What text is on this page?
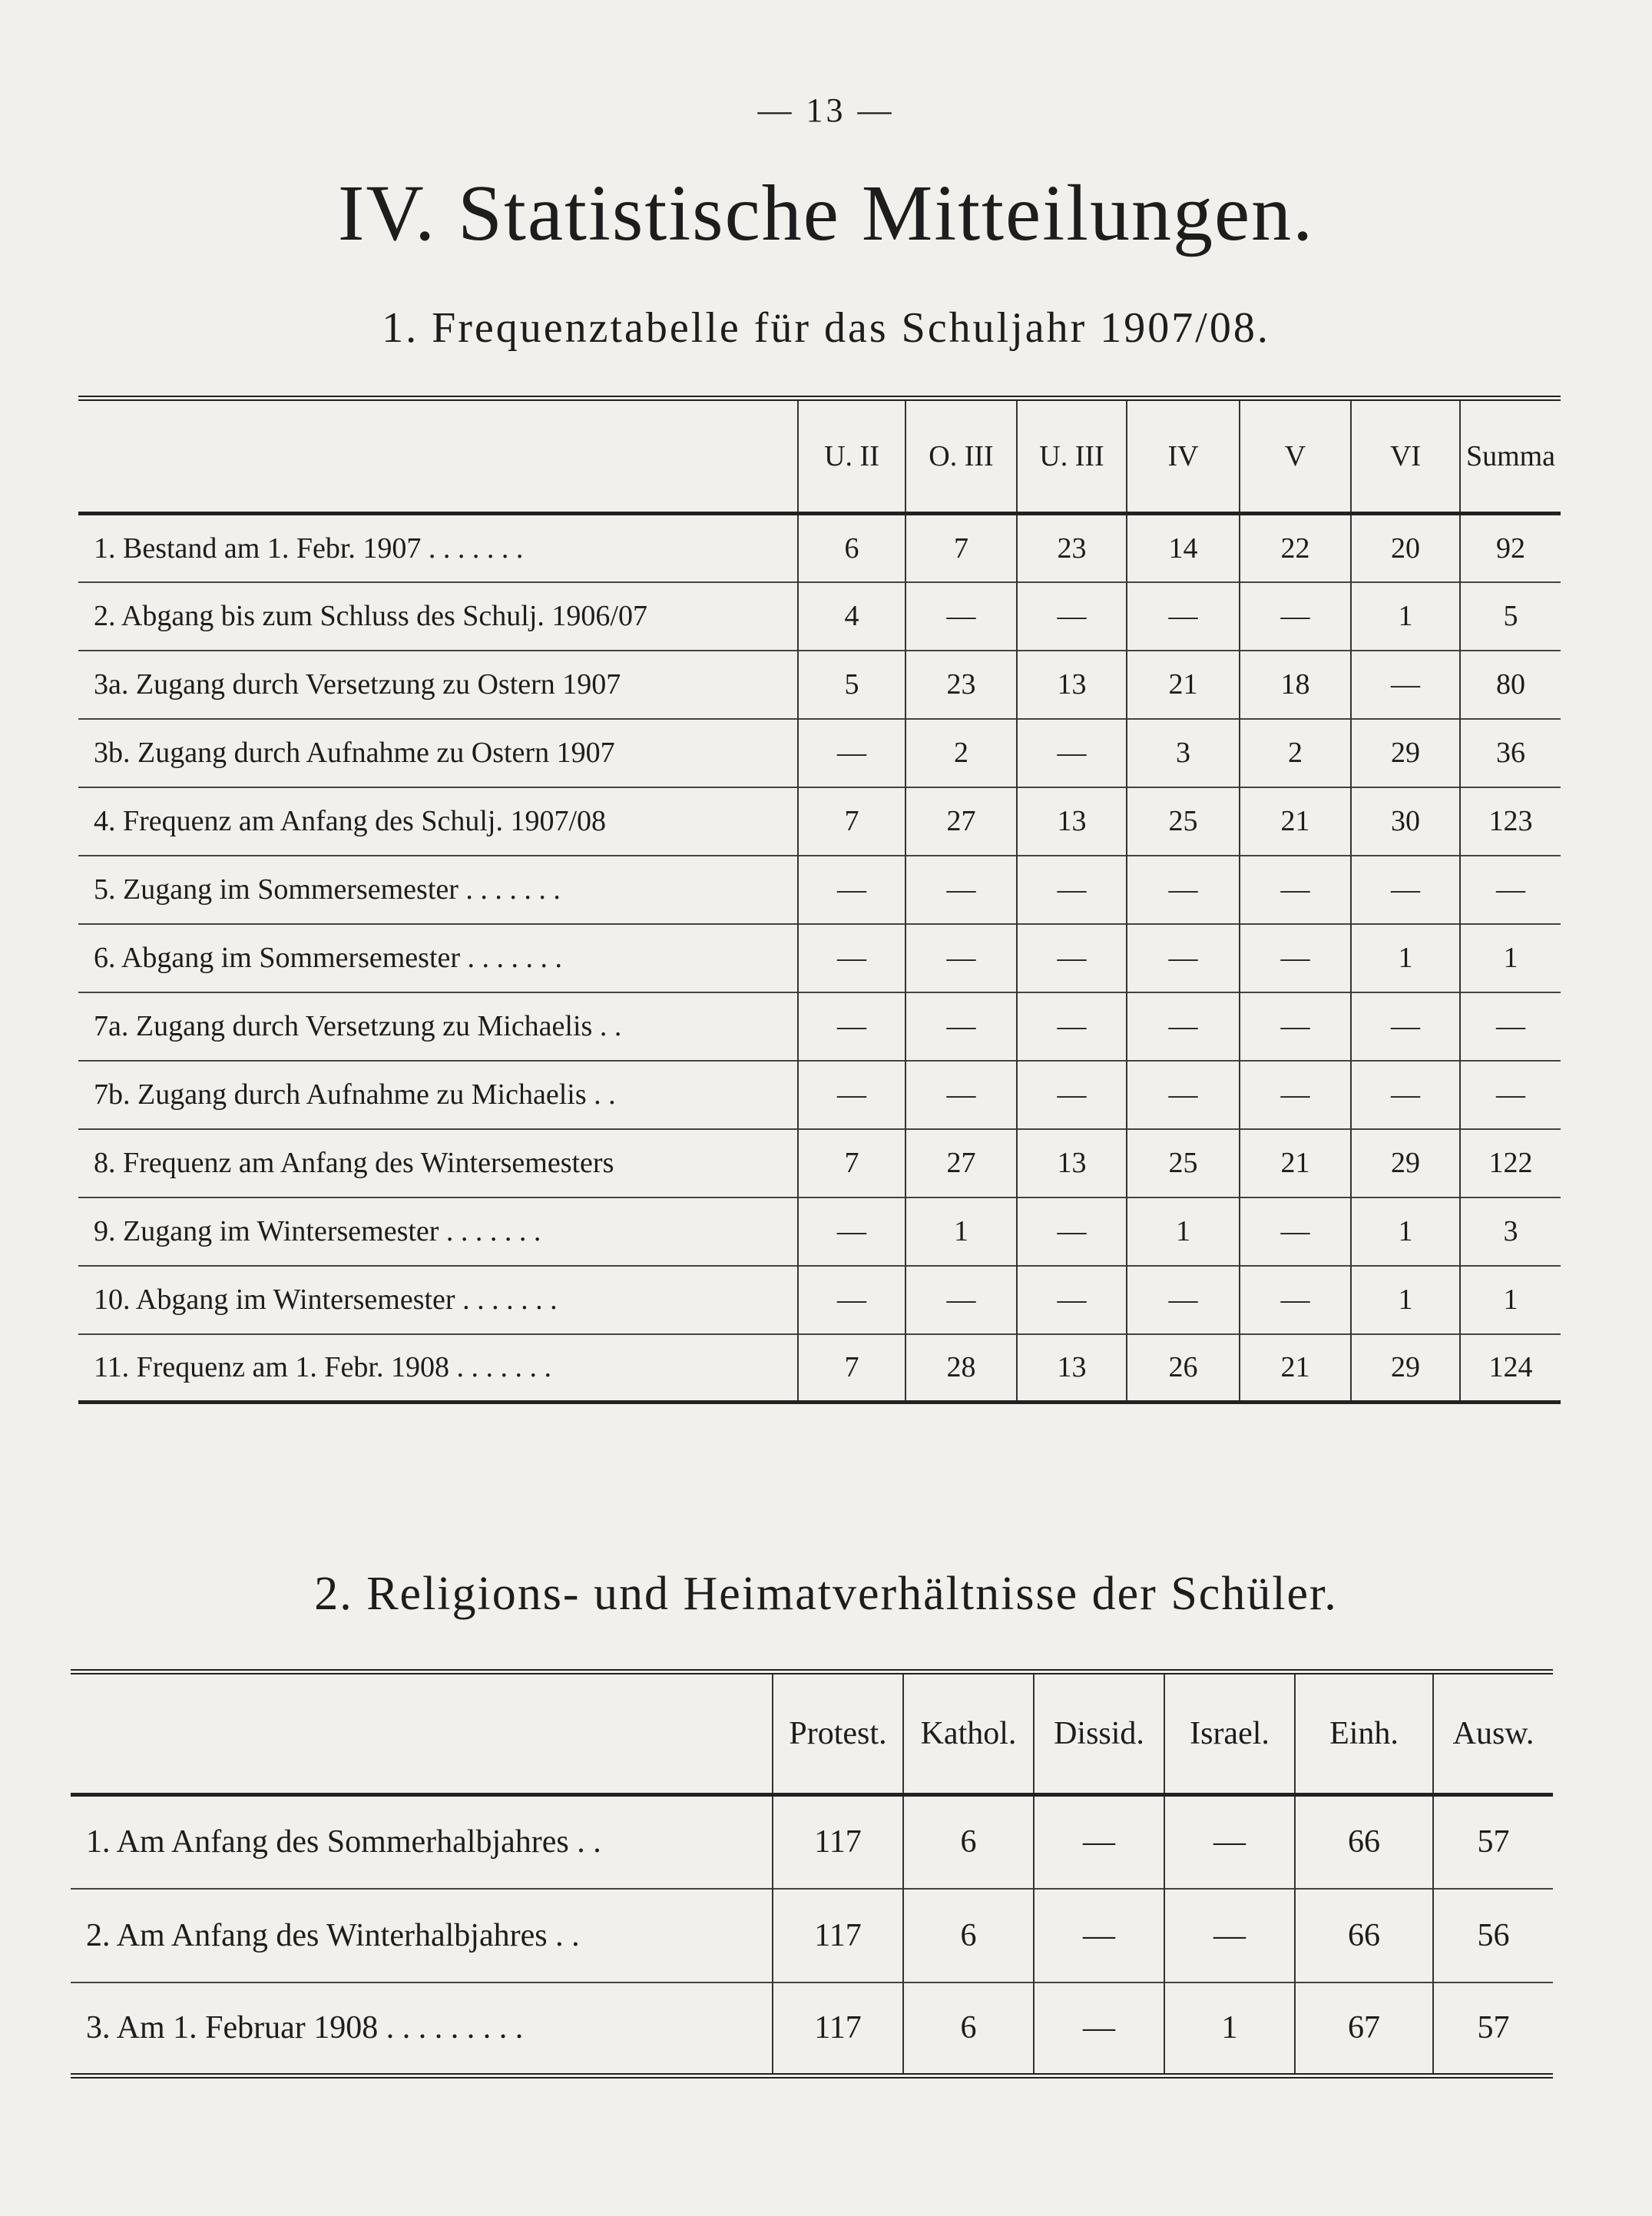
— 13 —
IV. Statistische Mitteilungen.
1. Frequenztabelle für das Schuljahr 1907/08.
	U. II	O. III	U. III	IV	V	VI	Summa
1. Bestand am 1. Febr. 1907 . . . . . . .	6	7	23	14	22	20	92
2. Abgang bis zum Schluss des Schulj. 1906/07	4	—	—	—	—	1	5
3a. Zugang durch Versetzung zu Ostern 1907	5	23	13	21	18	—	80
3b. Zugang durch Aufnahme zu Ostern 1907	—	2	—	3	2	29	36
4. Frequenz am Anfang des Schulj. 1907/08	7	27	13	25	21	30	123
5. Zugang im Sommersemester . . . . . . .	—	—	—	—	—	—	—
6. Abgang im Sommersemester . . . . . . .	—	—	—	—	—	1	1
7a. Zugang durch Versetzung zu Michaelis . .	—	—	—	—	—	—	—
7b. Zugang durch Aufnahme zu Michaelis . .	—	—	—	—	—	—	—
8. Frequenz am Anfang des Wintersemesters	7	27	13	25	21	29	122
9. Zugang im Wintersemester . . . . . . .	—	1	—	1	—	1	3
10. Abgang im Wintersemester . . . . . . .	—	—	—	—	—	1	1
11. Frequenz am 1. Febr. 1908 . . . . . . .	7	28	13	26	21	29	124
2. Religions- und Heimatverhältnisse der Schüler.
	Protest.	Kathol.	Dissid.	Israel.	Einh.	Ausw.
1. Am Anfang des Sommerhalbjahres . .	117	6	—	—	66	57
2. Am Anfang des Winterhalbjahres . .	117	6	—	—	66	56
3. Am 1. Februar 1908 . . . . . . . . .	117	6	—	1	67	57
